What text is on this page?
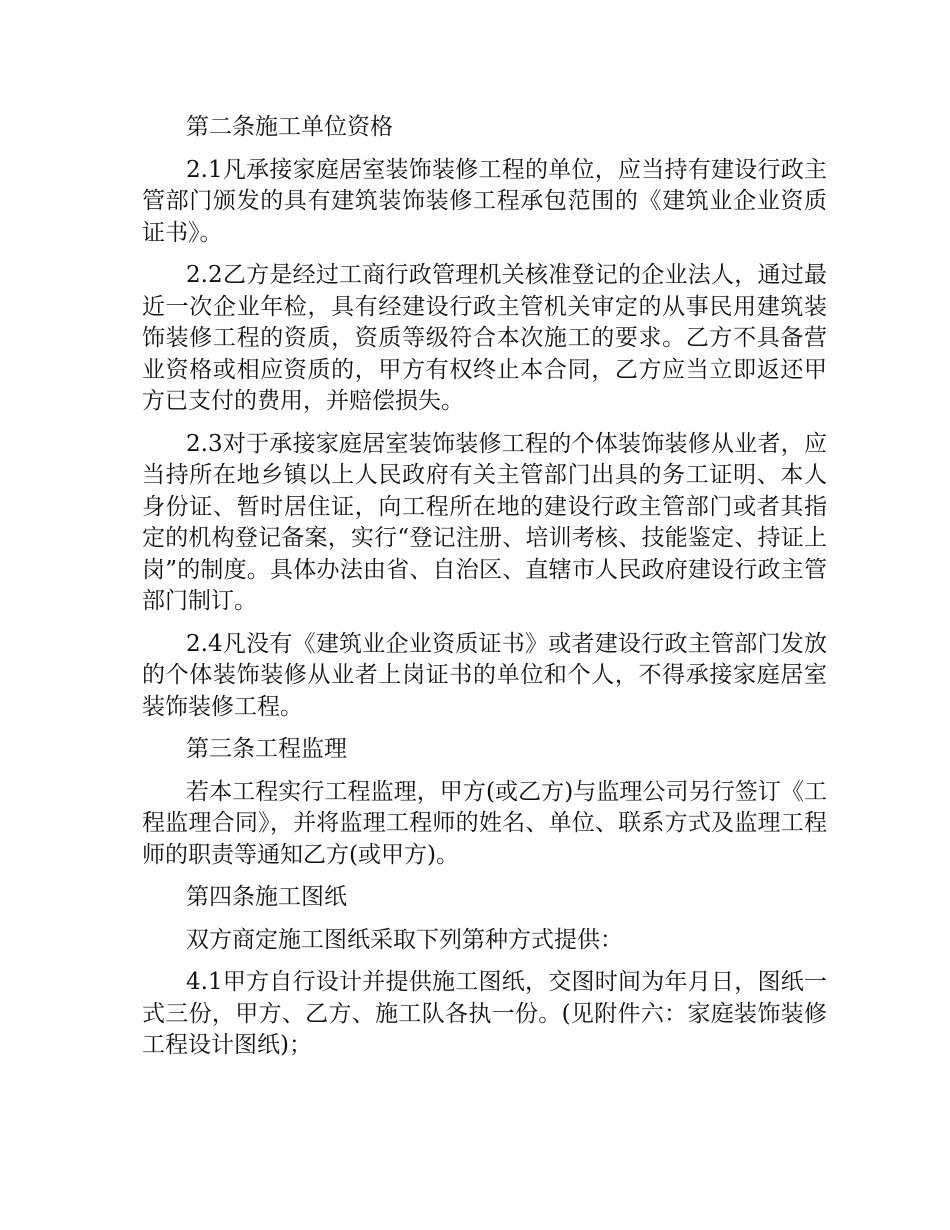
第二条施工单位资格

2.1凡承接家庭居室装饰装修工程的单位，应当持有建设行政主管部门颁发的具有建筑装饰装修工程承包范围的《建筑业企业资质证书》。

2.2乙方是经过工商行政管理机关核准登记的企业法人，通过最近一次企业年检，具有经建设行政主管机关审定的从事民用建筑装饰装修工程的资质，资质等级符合本次施工的要求。乙方不具备营业资格或相应资质的，甲方有权终止本合同，乙方应当立即返还甲方已支付的费用，并赔偿损失。

2.3对于承接家庭居室装饰装修工程的个体装饰装修从业者，应当持所在地乡镇以上人民政府有关主管部门出具的务工证明、本人身份证、暂时居住证，向工程所在地的建设行政主管部门或者其指定的机构登记备案，实行“登记注册、培训考核、技能鉴定、持证上岗”的制度。具体办法由省、自治区、直辖市人民政府建设行政主管部门制订。

2.4凡没有《建筑业企业资质证书》或者建设行政主管部门发放的个体装饰装修从业者上岗证书的单位和个人，不得承接家庭居室装饰装修工程。

第三条工程监理

若本工程实行工程监理，甲方(或乙方)与监理公司另行签订《工程监理合同》，并将监理工程师的姓名、单位、联系方式及监理工程师的职责等通知乙方(或甲方)。

第四条施工图纸

双方商定施工图纸采取下列第种方式提供：

4.1甲方自行设计并提供施工图纸，交图时间为年月日，图纸一式三份，甲方、乙方、施工队各执一份。(见附件六：家庭装饰装修工程设计图纸)；
